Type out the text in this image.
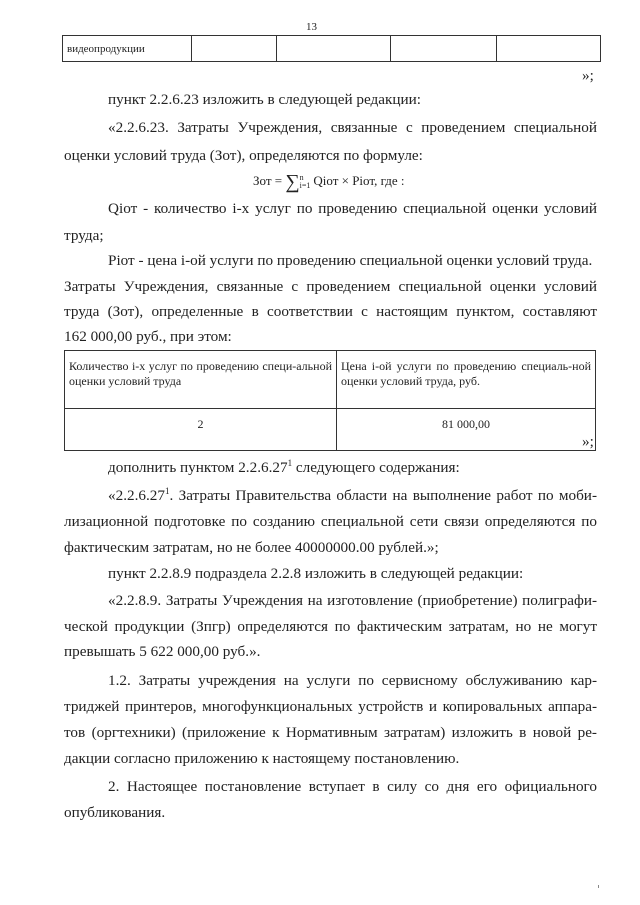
13
видеопродукции				
»;
пункт 2.2.6.23 изложить в следующей редакции:
«2.2.6.23. Затраты Учреждения, связанные с проведением специальной
оценки условий труда (Зот), определяются по формуле:
Зот = ∑n
i=1 Qiот × Piот, где :
Qiот - количество i-х услуг по проведению специальной оценки условий
труда;
Piот - цена i-ой услуги по проведению специальной оценки условий труда.
Затраты Учреждения, связанные с проведением специальной оценки условий
труда (Зот), определенные в соответствии с настоящим пунктом, составляют
162 000,00 руб., при этом:
Количество i-х услуг по проведению специ-альной оценки условий труда	Цена i-ой услуги по проведению специаль-ной оценки условий труда, руб.
2	81 000,00
»;
дополнить пунктом 2.2.6.27$^1$ следующего содержания:
«2.2.6.27$^1$. Затраты Правительства области на выполнение работ по моби-
лизационной подготовке по созданию специальной сети связи определяются по
фактическим затратам, но не более 40000000.00 рублей.»;
пункт 2.2.8.9 подраздела 2.2.8 изложить в следующей редакции:
«2.2.8.9. Затраты Учреждения на изготовление (приобретение) полиграфи-
ческой продукции (Зпгр) определяются по фактическим затратам, но не могут
превышать 5 622 000,00 руб.».
1.2. Затраты учреждения на услуги по сервисному обслуживанию кар-
триджей принтеров, многофункциональных устройств и копировальных аппара-
тов (оргтехники) (приложение к Нормативным затратам) изложить в новой ре-
дакции согласно приложению к настоящему постановлению.
2. Настоящее постановление вступает в силу со дня его официального
опубликования.
